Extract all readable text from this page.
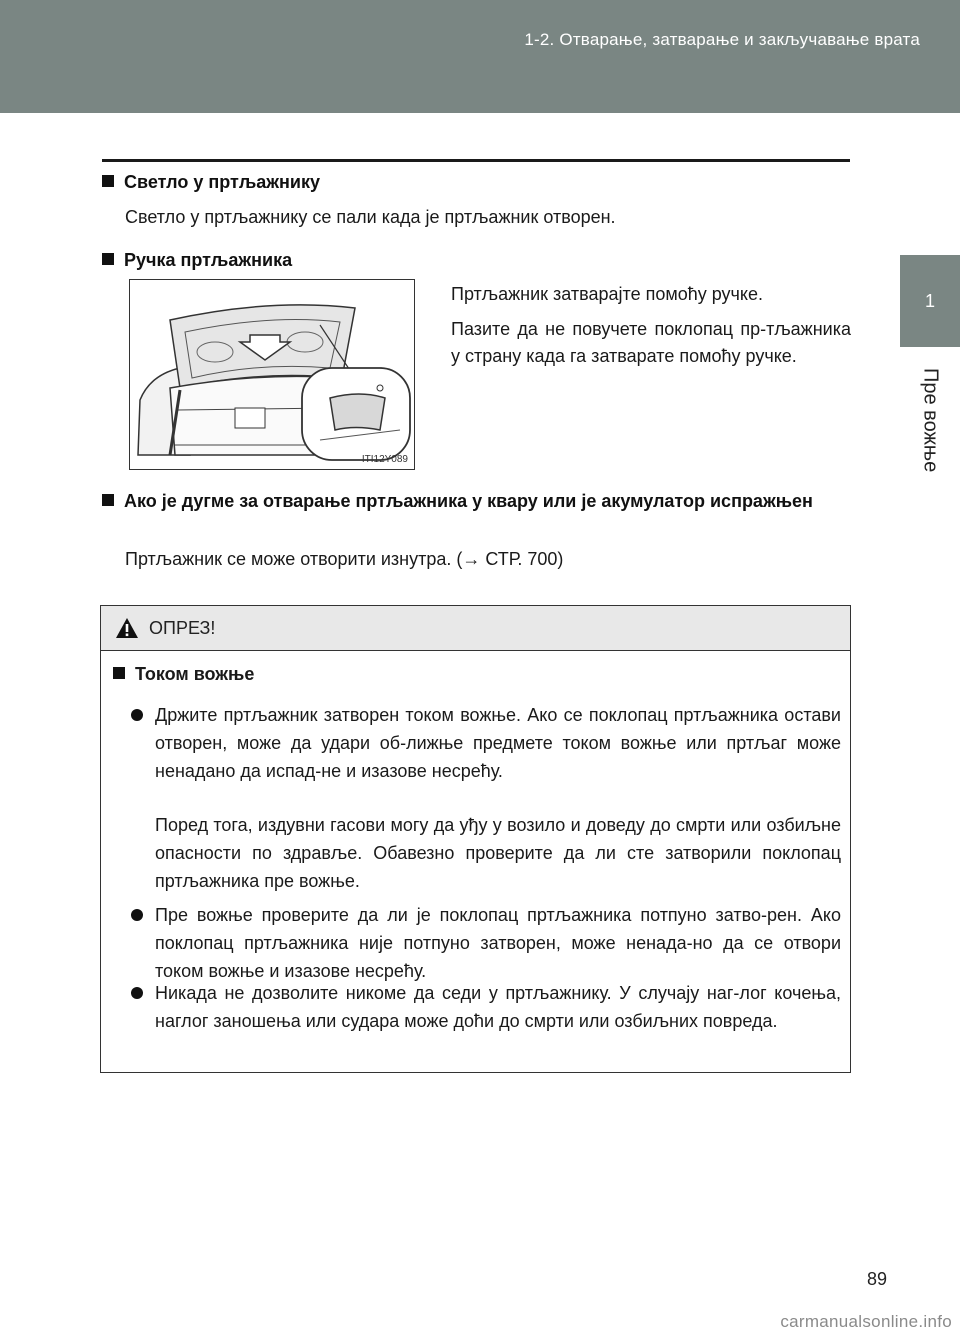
1-2. Отварање, затварање и закључавање врата
1
Пре вожње
Светло у пртљажнику
Светло у пртљажнику се пали када је пртљажник отворен.
Ручка пртљажника
ITI12Y089
Пртљажник затварајте помоћу ручке.
Пазите да не повучете поклопац пр-тљажника у страну када га затварате помоћу ручке.
Ако је дугме за отварање пртљажника у квару или је акумулатор испражњен
Пртљажник се може отворити изнутра. (→ СТР. 700)
ОПРЕЗ!
Током вожње
Држите пртљажник затворен током вожње. Ако се поклопац пртљажника остави отворен, може да удари об-лижње предмете током вожње или пртљаг може ненадано да испад-не и изазове несрећу.
Поред тога, издувни гасови могу да уђу у возило и доведу до смрти или озбиљне опасности по здравље. Обавезно проверите да ли сте затворили поклопац пртљажника пре вожње.
Пре вожње проверите да ли је поклопац пртљажника потпуно затво-рен. Ако поклопац пртљажника није потпуно затворен, може ненада-но да се отвори током вожње и изазове несрећу.
Никада не дозволите никоме да седи у пртљажнику. У случају наг-лог кочења, наглог заношења или судара може доћи до смрти или озбиљних повреда.
89
carmanualsonline.info
